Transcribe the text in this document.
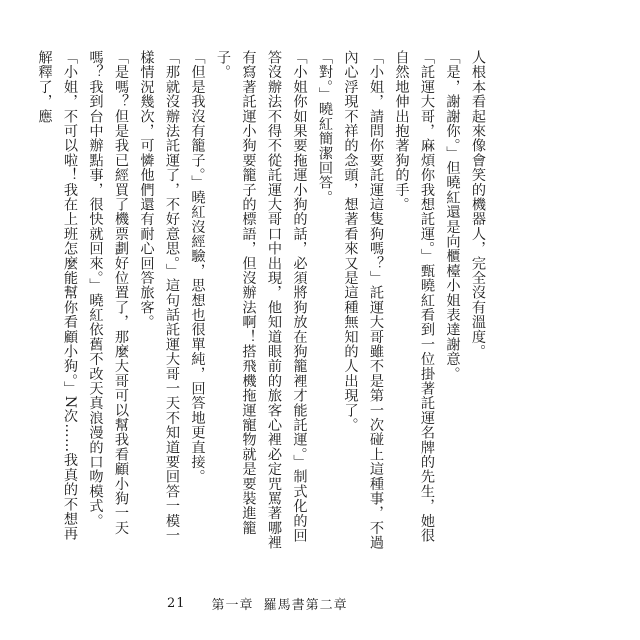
人根本看起來像會笑的機器人，完全沒有溫度。

「是，謝謝你。」但曉紅還是向櫃檯小姐表達謝意。

「託運大哥，麻煩你我想託運。」甄曉紅看到一位掛著託運名牌的先生，她很自然地伸出抱著狗的手。

「小姐，請問你要託運這隻狗嗎？」託運大哥雖不是第一次碰上這種事，不過內心浮現不祥的念頭，想著看來又是這種無知的人出現了。

「對。」曉紅簡潔回答。

「小姐你如果要拖運小狗的話，必須將狗放在狗籠裡才能託運。」制式化的回答沒辦法不得不從託運大哥口中出現，他知道眼前的旅客心裡必定咒罵著哪裡有寫著託運小狗要籠子的標語，但沒辦法啊！搭飛機拖運寵物就是要裝進籠子。

「但是我沒有籠子。」曉紅沒經驗，思想也很單純，回答地更直接。

「那就沒辦法託運了，不好意思。」這句話託運大哥一天不知道要回答一模一樣情況幾次，可憐他們還有耐心回答旅客。

「是嗎？但是我已經買了機票劃好位置了，那麼大哥可以幫我看顧小狗一天嗎？我到台中辦點事，很快就回來。」曉紅依舊不改天真浪漫的口吻模式。

「小姐，不可以啦！我在上班怎麼能幫你看顧小狗。」N次……我真的不想再解釋了，應

21 第一章 羅馬書第二章
